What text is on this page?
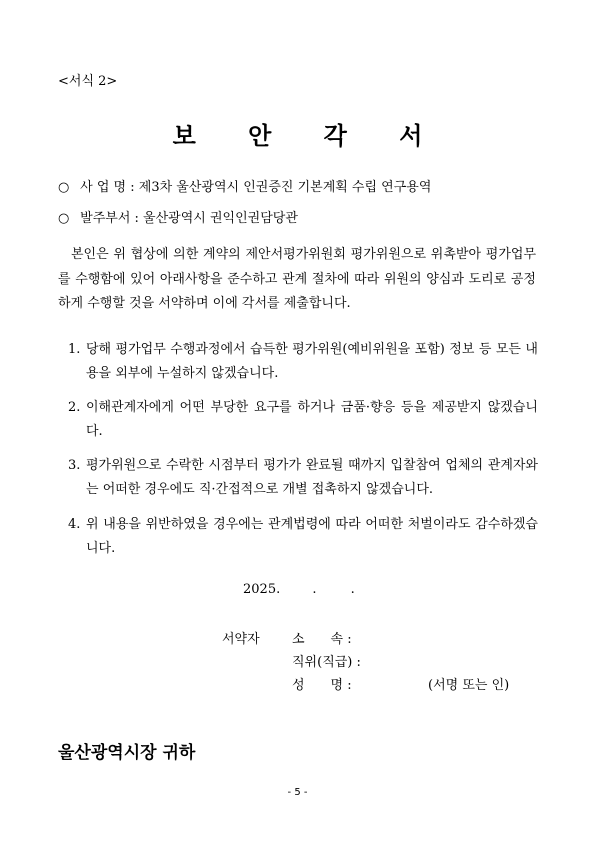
<서식 2>
보 안 각 서
○ 사 업 명 : 제3차 울산광역시 인권증진 기본계획 수립 연구용역
○ 발주부서 : 울산광역시 권익인권담당관
본인은 위 협상에 의한 계약의 제안서평가위원회 평가위원으로 위촉받아 평가업무를 수행함에 있어 아래사항을 준수하고 관계 절차에 따라 위원의 양심과 도리로 공정하게 수행할 것을 서약하며 이에 각서를 제출합니다.
1. 당해 평가업무 수행과정에서 습득한 평가위원(예비위원을 포함) 정보 등 모든 내용을 외부에 누설하지 않겠습니다.
2. 이해관계자에게 어떤 부당한 요구를 하거나 금품·향응 등을 제공받지 않겠습니다.
3. 평가위원으로 수락한 시점부터 평가가 완료될 때까지 입찰참여 업체의 관계자와는 어떠한 경우에도 직·간접적으로 개별 접촉하지 않겠습니다.
4. 위 내용을 위반하였을 경우에는 관계법령에 따라 어떠한 처벌이라도 감수하겠습니다.
2025. .	.
서약자 소　　속 :
직위(직급) :
성　　명 :	(서명 또는 인)
울산광역시장 귀하
- 5 -
